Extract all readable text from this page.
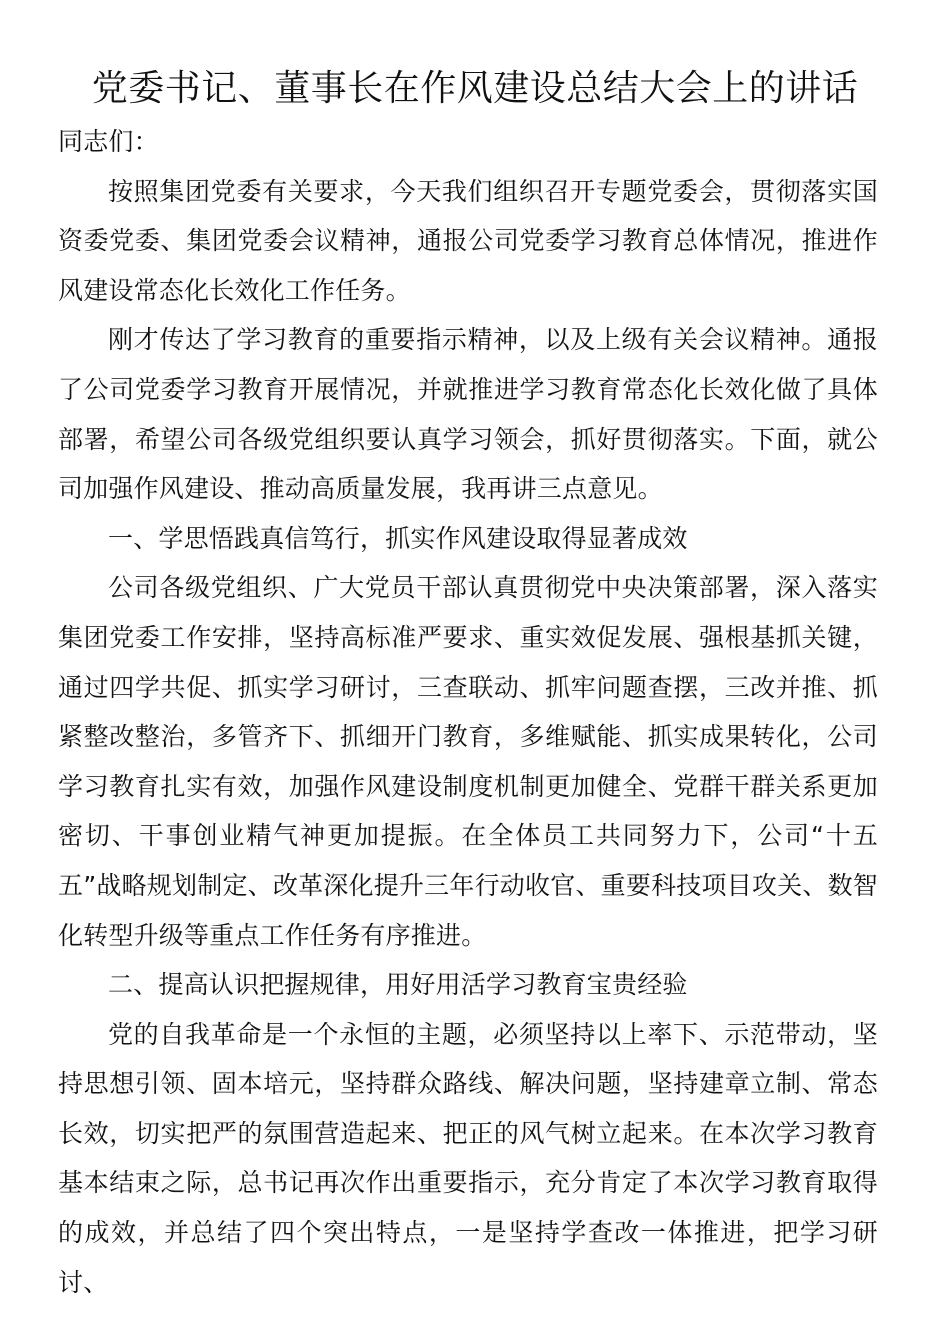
党委书记、董事长在作风建设总结大会上的讲话

同志们：

按照集团党委有关要求，今天我们组织召开专题党委会，贯彻落实国资委党委、集团党委会议精神，通报公司党委学习教育总体情况，推进作风建设常态化长效化工作任务。

刚才传达了学习教育的重要指示精神，以及上级有关会议精神。通报了公司党委学习教育开展情况，并就推进学习教育常态化长效化做了具体部署，希望公司各级党组织要认真学习领会，抓好贯彻落实。下面，就公司加强作风建设、推动高质量发展，我再讲三点意见。

一、学思悟践真信笃行，抓实作风建设取得显著成效

公司各级党组织、广大党员干部认真贯彻党中央决策部署，深入落实集团党委工作安排，坚持高标准严要求、重实效促发展、强根基抓关键，通过四学共促、抓实学习研讨，三查联动、抓牢问题查摆，三改并推、抓紧整改整治，多管齐下、抓细开门教育，多维赋能、抓实成果转化，公司学习教育扎实有效，加强作风建设制度机制更加健全、党群干群关系更加密切、干事创业精气神更加提振。在全体员工共同努力下，公司“十五五”战略规划制定、改革深化提升三年行动收官、重要科技项目攻关、数智化转型升级等重点工作任务有序推进。

二、提高认识把握规律，用好用活学习教育宝贵经验

党的自我革命是一个永恒的主题，必须坚持以上率下、示范带动，坚持思想引领、固本培元，坚持群众路线、解决问题，坚持建章立制、常态长效，切实把严的氛围营造起来、把正的风气树立起来。在本次学习教育基本结束之际，总书记再次作出重要指示，充分肯定了本次学习教育取得的成效，并总结了四个突出特点，一是坚持学查改一体推进，把学习研讨、
